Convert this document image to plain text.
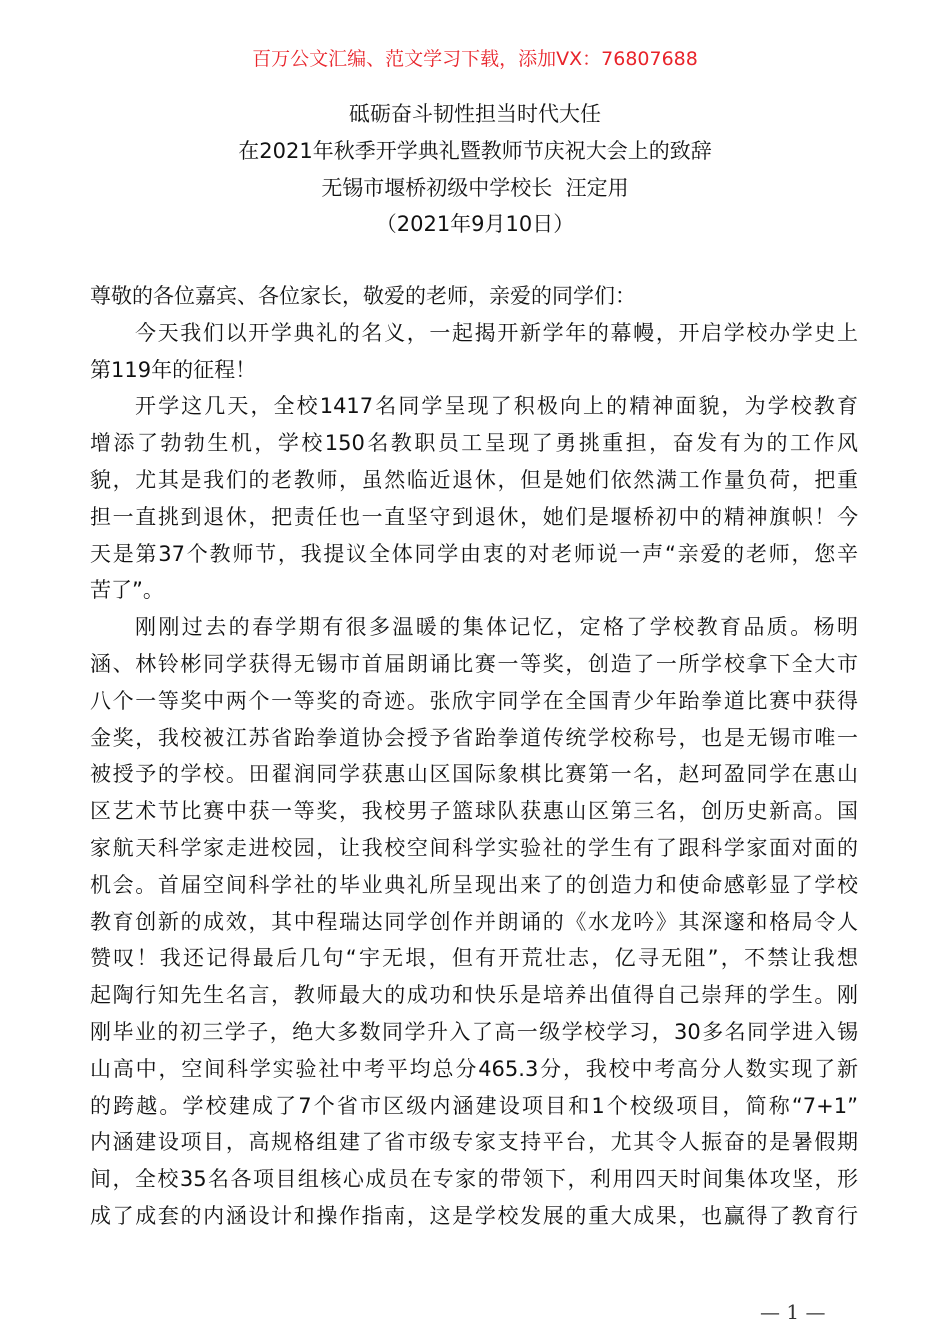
百万公文汇编、范文学习下载，添加VX：76807688
砥砺奋斗韧性担当时代大任
在2021年秋季开学典礼暨教师节庆祝大会上的致辞
无锡市堰桥初级中学校长  汪定用
（2021年9月10日）
尊敬的各位嘉宾、各位家长，敬爱的老师，亲爱的同学们：
今天我们以开学典礼的名义，一起揭开新学年的幕幔，开启学校办学史上
第119年的征程！
开学这几天，全校1417名同学呈现了积极向上的精神面貌，为学校教育
增添了勃勃生机，学校150名教职员工呈现了勇挑重担，奋发有为的工作风
貌，尤其是我们的老教师，虽然临近退休，但是她们依然满工作量负荷，把重
担一直挑到退休，把责任也一直坚守到退休，她们是堰桥初中的精神旗帜！今
天是第37个教师节，我提议全体同学由衷的对老师说一声“亲爱的老师，您辛
苦了”。
刚刚过去的春学期有很多温暖的集体记忆，定格了学校教育品质。杨明
涵、林铃彬同学获得无锡市首届朗诵比赛一等奖，创造了一所学校拿下全大市
八个一等奖中两个一等奖的奇迹。张欣宇同学在全国青少年跆拳道比赛中获得
金奖，我校被江苏省跆拳道协会授予省跆拳道传统学校称号，也是无锡市唯一
被授予的学校。田翟润同学获惠山区国际象棋比赛第一名，赵珂盈同学在惠山
区艺术节比赛中获一等奖，我校男子篮球队获惠山区第三名，创历史新高。国
家航天科学家走进校园，让我校空间科学实验社的学生有了跟科学家面对面的
机会。首届空间科学社的毕业典礼所呈现出来了的创造力和使命感彰显了学校
教育创新的成效，其中程瑞达同学创作并朗诵的《水龙吟》其深邃和格局令人
赞叹！我还记得最后几句“宇无垠，但有开荒壮志，亿寻无阻”，不禁让我想
起陶行知先生名言，教师最大的成功和快乐是培养出值得自己崇拜的学生。刚
刚毕业的初三学子，绝大多数同学升入了高一级学校学习，30多名同学进入锡
山高中，空间科学实验社中考平均总分465.3分，我校中考高分人数实现了新
的跨越。学校建成了7个省市区级内涵建设项目和1个校级项目，简称“7+1”
内涵建设项目，高规格组建了省市级专家支持平台，尤其令人振奋的是暑假期
间，全校35名各项目组核心成员在专家的带领下，利用四天时间集体攻坚，形
成了成套的内涵设计和操作指南，这是学校发展的重大成果，也赢得了教育行
— 1 —
